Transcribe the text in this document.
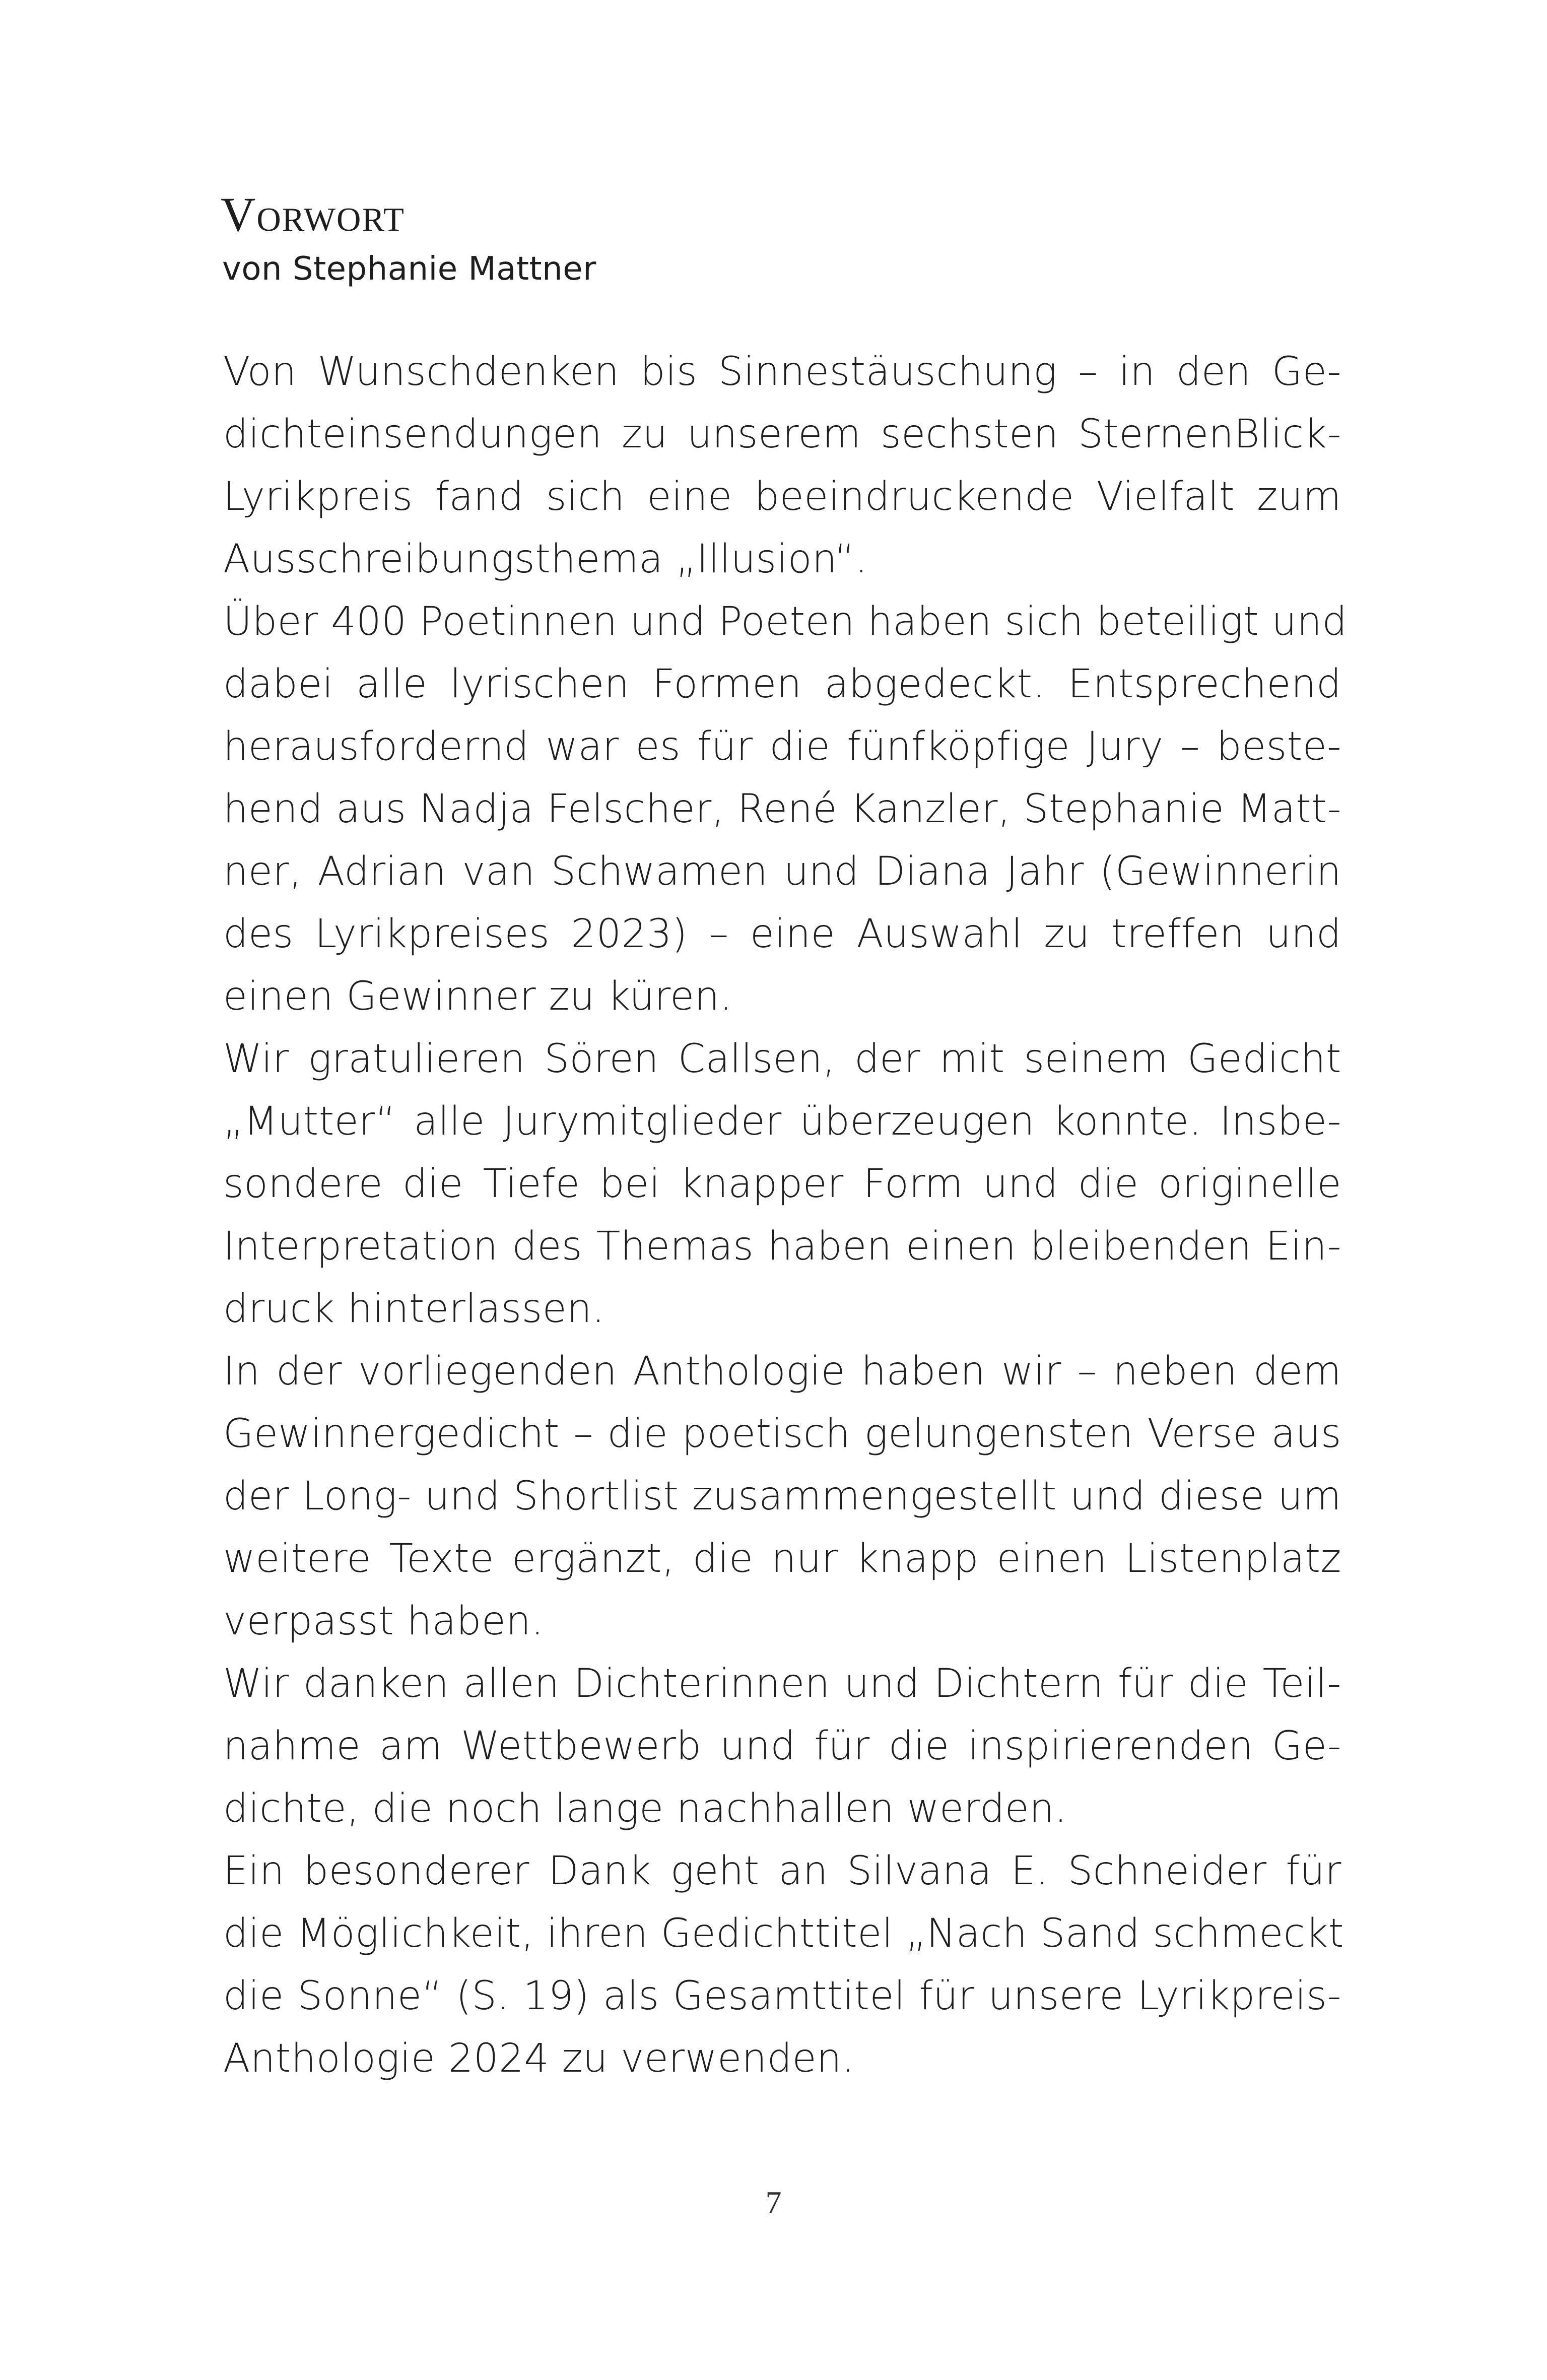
Vorwort
von Stephanie Mattner
Von Wunschdenken bis Sinnestäuschung – in den Ge-
dichteinsendungen zu unserem sechsten SternenBlick-
Lyrikpreis fand sich eine beeindruckende Vielfalt zum
Ausschreibungsthema „Illusion“.
Über 400 Poetinnen und Poeten haben sich beteiligt und
dabei alle lyrischen Formen abgedeckt. Entsprechend
herausfordernd war es für die fünfköpfige Jury – beste-
hend aus Nadja Felscher, René Kanzler, Stephanie Matt-
ner, Adrian van Schwamen und Diana Jahr (Gewinnerin
des Lyrikpreises 2023) – eine Auswahl zu treffen und
einen Gewinner zu küren.
Wir gratulieren Sören Callsen, der mit seinem Gedicht
„Mutter“ alle Jurymitglieder überzeugen konnte. Insbe-
sondere die Tiefe bei knapper Form und die originelle
Interpretation des Themas haben einen bleibenden Ein-
druck hinterlassen.
In der vorliegenden Anthologie haben wir – neben dem
Gewinnergedicht – die poetisch gelungensten Verse aus
der Long- und Shortlist zusammengestellt und diese um
weitere Texte ergänzt, die nur knapp einen Listenplatz
verpasst haben.
Wir danken allen Dichterinnen und Dichtern für die Teil-
nahme am Wettbewerb und für die inspirierenden Ge-
dichte, die noch lange nachhallen werden.
Ein besonderer Dank geht an Silvana E. Schneider für
die Möglichkeit, ihren Gedichttitel „Nach Sand schmeckt
die Sonne“ (S. 19) als Gesamttitel für unsere Lyrikpreis-
Anthologie 2024 zu verwenden.
7
